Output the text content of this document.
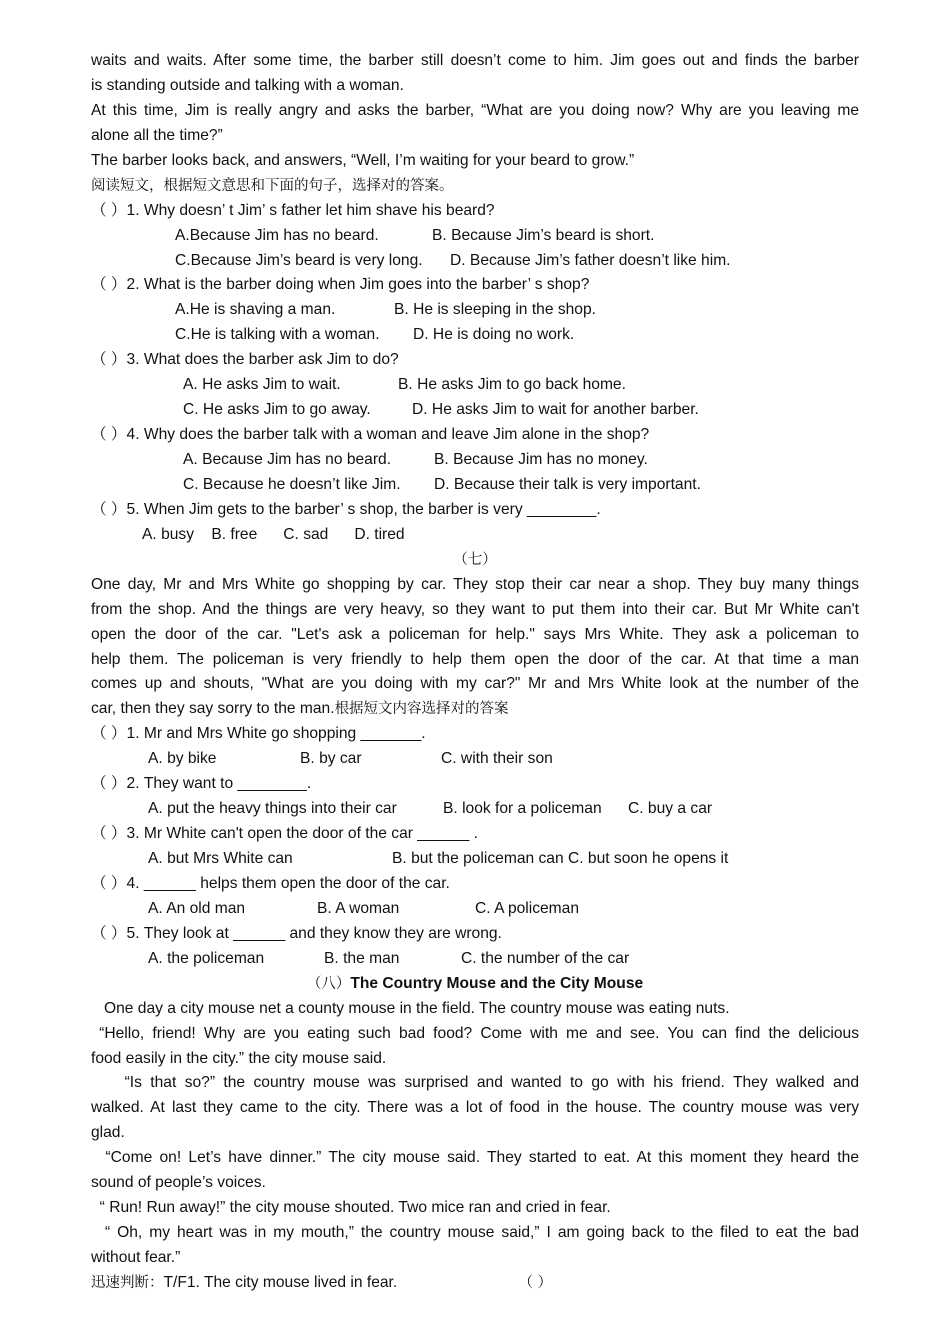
waits and waits. After some time, the barber still doesn’t come to him. Jim goes out and finds the barber
is standing outside and talking with a woman.
At this time, Jim is really angry and asks the barber, “What are you doing now? Why are you leaving me
alone all the time?”
The barber looks back, and answers, “Well, I’m waiting for your beard to grow.”
阅读短文，根据短文意思和下面的句子，选择对的答案。
（ ）1. Why doesn’ t Jim’ s father let him shave his beard?
A.Because Jim has no beard.	B. Because Jim’s beard is short.
C.Because Jim’s beard is very long. D. Because Jim’s father doesn’t like him.
（ ）2. What is the barber doing when Jim goes into the barber’ s shop?
A.He is shaving a man.	B. He is sleeping in the shop.
C.He is talking with a woman. D. He is doing no work.
（ ）3. What does the barber ask Jim to do?
A. He asks Jim to wait.	B. He asks Jim to go back home.
C. He asks Jim to go away.	D. He asks Jim to wait for another barber.
（ ）4. Why does the barber talk with a woman and leave Jim alone in the shop?
A. Because Jim has no beard.	B. Because Jim has no money.
C. Because he doesn’t like Jim. D. Because their talk is very important.
（ ）5. When Jim gets to the barber’ s shop, the barber is very ________.
A. busy    B. free      C. sad      D. tired
（七）
One day, Mr and Mrs White go shopping by car. They stop their car near a shop. They buy many things
from the shop. And the things are very heavy, so they want to put them into their car. But Mr White can't
open the door of the car. "Let's ask a policeman for help." says Mrs White. They ask a policeman to
help them. The policeman is very friendly to help them open the door of the car. At that time a man
comes up and shouts, "What are you doing with my car?" Mr and Mrs White look at the number of the
car, then they say sorry to the man.根据短文内容选择对的答案
（ ）1. Mr and Mrs White go shopping _______.
A. by bike	B. by car	C. with their son
（ ）2. They want to ________.
A. put the heavy things into their car	B. look for a policeman C. buy a car
（ ）3. Mr White can't open the door of the car ______ .
A. but Mrs White can	B. but the policeman can C. but soon he opens it
（ ）4. ______ helps them open the door of the car.
A. An old man	B. A woman	C. A policeman
（ ）5. They look at ______ and they know they are wrong.
A. the policeman	B. the man	C. the number of the car
（八）The Country Mouse and the City Mouse
One day a city mouse net a county mouse in the field. The country mouse was eating nuts.
“Hello, friend! Why are you eating such bad food? Come with me and see. You can find the delicious
food easily in the city.” the city mouse said.
“Is that so?” the country mouse was surprised and wanted to go with his friend. They walked and
walked. At last they came to the city. There was a lot of food in the house. The country mouse was very
glad.
“Come on! Let’s have dinner.” The city mouse said. They started to eat. At this moment they heard the
sound of people’s voices.
“ Run! Run away!” the city mouse shouted. Two mice ran and cried in fear.
“ Oh, my heart was in my mouth,” the country mouse said,” I am going back to the filed to eat the bad
without fear.”
迅速判断：T/F1. The city mouse lived in fear.	（ ）
